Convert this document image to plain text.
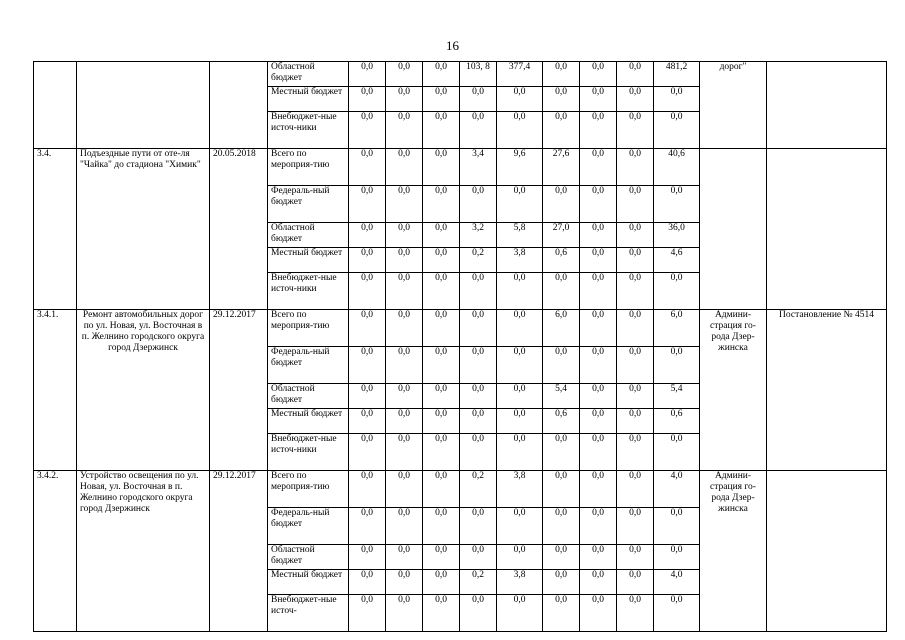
16
			Областной бюджет	0,0	0,0	0,0	103, 8	377,4	0,0	0,0	0,0	481,2	дорог"	
			Местный бюджет	0,0	0,0	0,0	0,0	0,0	0,0	0,0	0,0	0,0		
			Внебюджет-ные источ-ники	0,0	0,0	0,0	0,0	0,0	0,0	0,0	0,0	0,0		
3.4.	Подъездные пути от оте-ля "Чайка" до стадиона "Химик"	20.05.2018	Всего по мероприя-тию	0,0	0,0	0,0	3,4	9,6	27,6	0,0	0,0	40,6		
			Федераль-ный бюджет	0,0	0,0	0,0	0,0	0,0	0,0	0,0	0,0	0,0		
			Областной бюджет	0,0	0,0	0,0	3,2	5,8	27,0	0,0	0,0	36,0		
			Местный бюджет	0,0	0,0	0,0	0,2	3,8	0,6	0,0	0,0	4,6		
			Внебюджет-ные источ-ники	0,0	0,0	0,0	0,0	0,0	0,0	0,0	0,0	0,0		
3.4.1.	Ремонт автомобильных дорог по ул. Новая, ул. Восточная в п. Желнино городского округа город Дзержинск	29.12.2017	Всего по мероприя-тию	0,0	0,0	0,0	0,0	0,0	6,0	0,0	0,0	6,0	Админи-страция го-рода Дзер-жинска	Постановление № 4514
			Федераль-ный бюджет	0,0	0,0	0,0	0,0	0,0	0,0	0,0	0,0	0,0		
			Областной бюджет	0,0	0,0	0,0	0,0	0,0	5,4	0,0	0,0	5,4		
			Местный бюджет	0,0	0,0	0,0	0,0	0,0	0,6	0,0	0,0	0,6		
			Внебюджет-ные источ-ники	0,0	0,0	0,0	0,0	0,0	0,0	0,0	0,0	0,0		
3.4.2.	Устройство освещения по ул. Новая, ул. Восточная в п. Желнино городского округа город Дзержинск	29.12.2017	Всего по мероприя-тию	0,0	0,0	0,0	0,2	3,8	0,0	0,0	0,0	4,0	Админи-страция го-рода Дзер-жинска	
			Федераль-ный бюджет	0,0	0,0	0,0	0,0	0,0	0,0	0,0	0,0	0,0		
			Областной бюджет	0,0	0,0	0,0	0,0	0,0	0,0	0,0	0,0	0,0		
			Местный бюджет	0,0	0,0	0,0	0,2	3,8	0,0	0,0	0,0	4,0		
			Внебюджет-ные источ-	0,0	0,0	0,0	0,0	0,0	0,0	0,0	0,0	0,0		
